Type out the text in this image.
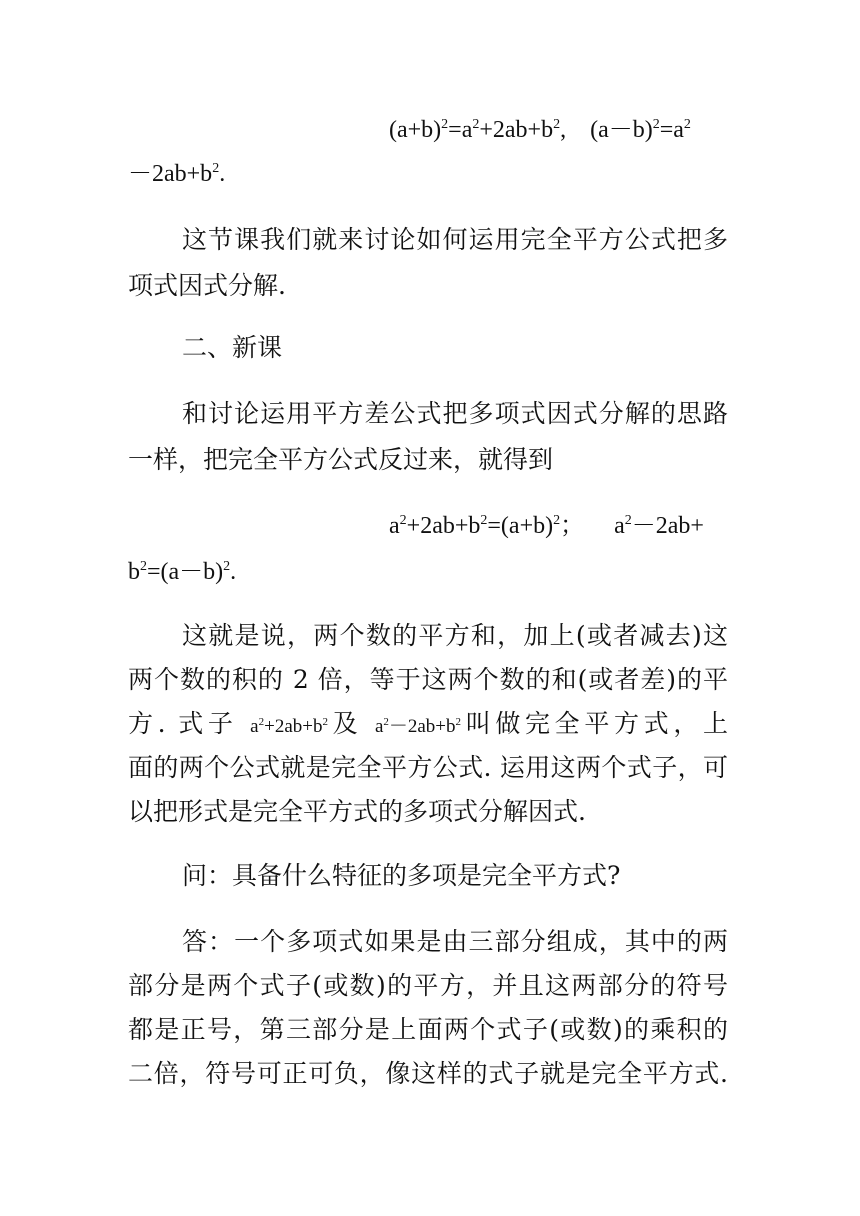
$(a+b)^2=a^2+2ab+b^2$, $(a-b)^2=a^2$
$-2ab+b^2$.
这节课我们就来讨论如何运用完全平方公式把多
项式因式分解.
二、新课
和讨论运用平方差公式把多项式因式分解的思路
一样，把完全平方公式反过来，就得到
$a^2+2ab+b^2=(a+b)^2$； $a^2-2ab+$
$b^2=(a-b)^2$.
这就是说，两个数的平方和，加上(或者减去)这
两个数的积的 2 倍，等于这两个数的和(或者差)的平
方. 式子 $a^2+2ab+b^2$及 $a^2-2ab+b^2$叫做完全平方式，上
面的两个公式就是完全平方公式. 运用这两个式子，可
以把形式是完全平方式的多项式分解因式.
问：具备什么特征的多项是完全平方式?
答：一个多项式如果是由三部分组成，其中的两
部分是两个式子(或数)的平方，并且这两部分的符号
都是正号，第三部分是上面两个式子(或数)的乘积的
二倍，符号可正可负，像这样的式子就是完全平方式.
